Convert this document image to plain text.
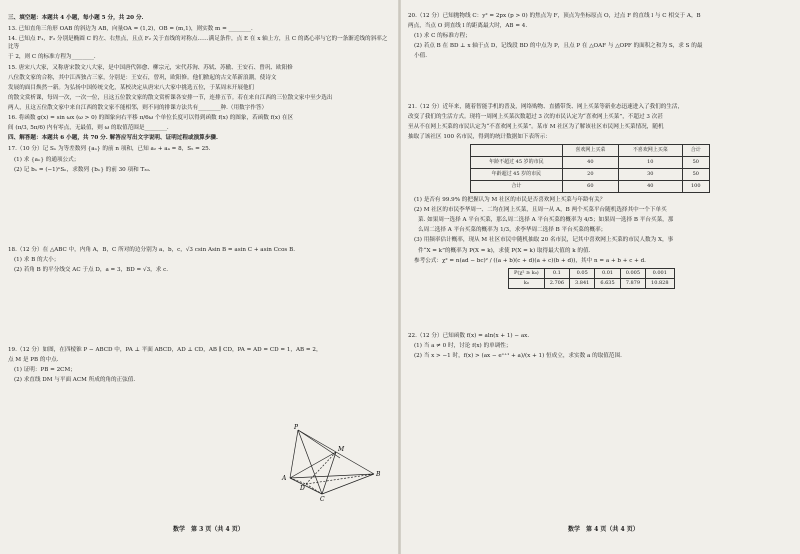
三、填空题：本题共 4 小题，每小题 5 分，共 20 分.
13. 已知直角三角形 OAB 的斜边为 AB，向量OA = (1,2)，OB = (m,1)，则实数 m = ________.
14. 已知点 F₁，F₂ 分别是椭圆 C 的左、右焦点，且点 F₂ 关于直线的对称点……满足条件，点 E 在 x 轴上方，且 C 的离心率与它的一条渐近线的斜率之比等
于 2，则 C 的标准方程为________.
15. 唐宋八大家，又称唐宋散文八大家，是中国唐代韩愈、柳宗元，宋代苏洵、苏轼、苏辙、王安石、曾巩、欧阳修
八位散文家的合称，其中江西独占三家，分别是：王安石，曾巩，欧阳修。他们掀起的古文革新浪潮，使诗文
发展的面目焕然一新。为弘扬中国传统文化，某校决定从唐宋八大家中挑选五位，于某周末开展他们
的散文赏析课，每周一次，一次一位，且这五位散文家的散文赏析课各安排一节，连排五节。若在来自江西的三位散文家中至少选出
两人，且这五位散文家中来自江西的散文家不能相邻，则不同的排课方法共有________种.（用数字作答）
16. 将函数 g(x) = sin ωx (ω > 0) 的图象向右平移 π/6ω 个单位长度可以得到函数 f(x) 的图象，若函数 f(x) 在区
间 (π/3, 5π/6) 内有零点，无最值，则 ω 的取值范围是________.
四、解答题：本题共 6 小题，共 70 分. 解答应写出文字说明、证明过程或演算步骤.
17.（10 分）记 Sₙ 为等差数列 {aₙ} 的前 n 项和，已知 a₂ + a₄ = 8，S₅ = 25.
(1) 求 {aₙ} 的通项公式；
(2) 记 bₙ = (−1)ⁿSₙ，求数列 {bₙ} 的前 30 项和 T₃₀.
18.（12 分）在 △ABC 中，内角 A，B，C 所对的边分别为 a，b，c，√3 csin Asin B = asin C + asin Ccos B.
(1) 求 B 的大小；
(2) 若角 B 的平分线交 AC 于点 D，a = 3，BD = √3，求 c.
19.（12 分）如图，在四棱锥 P − ABCD 中，PA ⊥ 平面 ABCD，AD ⊥ CD，AB ∥ CD，PA = AD = CD = 1，AB = 2，
点 M 是 PB 的中点.
(1) 证明：PB = 2CM；
(2) 求直线 DM 与平面 ACM 所成的角的正弦值.
P
M
A
B
D
C
数学　第 3 页（共 4 页）
20.（12 分）已知抛物线 C：y² = 2px (p > 0) 的焦点为 F，顶点为坐标原点 O，过点 F 的直线 l 与 C 相交于 A，B
两点，当点 O 到直线 l 的距离最大时，AB = 4.
(1) 求 C 的标准方程；
(2) 若点 B 在 BD ⊥ x 轴于点 D，记线段 BD 的中点为 P，且点 P 在 △OAF 与 △OPF 的面积之和为 S，求 S 的最
小值.
21.（12 分）近年来，随着智能手机的普及，网络购物、直播带货、网上买菜等新业态迅速进入了我们的生活，
改变了我们的生活方式。现将一周网上买菜次数超过 3 次的市民认定为“喜欢网上买菜”，不超过 3 次甚
至从不在网上买菜的市民认定为“不喜欢网上买菜”。某市 M 社区为了解该社区市民网上买菜情况，随机
抽取了该社区 100 名市民，得到的统计数据如下表所示：
	喜欢网上买菜	不喜欢网上买菜	合计
年龄不超过 45 岁的市民	40	10	50
年龄超过 45 岁的市民	20	30	50
合计	60	40	100
(1) 是否有 99.9% 的把握认为 M 社区的市民是否喜欢网上买菜与年龄有关？
(2) M 社区的市民李华周一、二均在网上买菜，且周一从 A，B 两个买菜平台随机选择其中一个下单买
菜. 如果周一选择 A 平台买菜，那么周二选择 A 平台买菜的概率为 4/5；如果周一选择 B 平台买菜，那
么周二选择 A 平台买菜的概率为 1/3，求李华周二选择 B 平台买菜的概率；
(3) 用频率估计概率，现从 M 社区市民中随机抽取 20 名市民，记其中喜欢网上买菜的市民人数为 X，事
件“X = k”的概率为 P(X = k)，求使 P(X = k) 取得最大值的 k 的值.
参考公式：χ² = n(ad − bc)² / ((a + b)(c + d)(a + c)(b + d))，其中 n = a + b + c + d.
P(χ² ≥ k₀)	0.1	0.05	0.01	0.005	0.001
k₀	2.706	3.841	6.635	7.879	10.828
22.（12 分）已知函数 f(x) = aln(x + 1) − ax.
(1) 当 a ≠ 0 时，讨论 f(x) 的单调性；
(2) 当 x > −1 时，f(x) > (ax − eˣ⁺¹ + a)/(x + 1) 恒成立，求实数 a 的取值范围.
数学　第 4 页（共 4 页）
